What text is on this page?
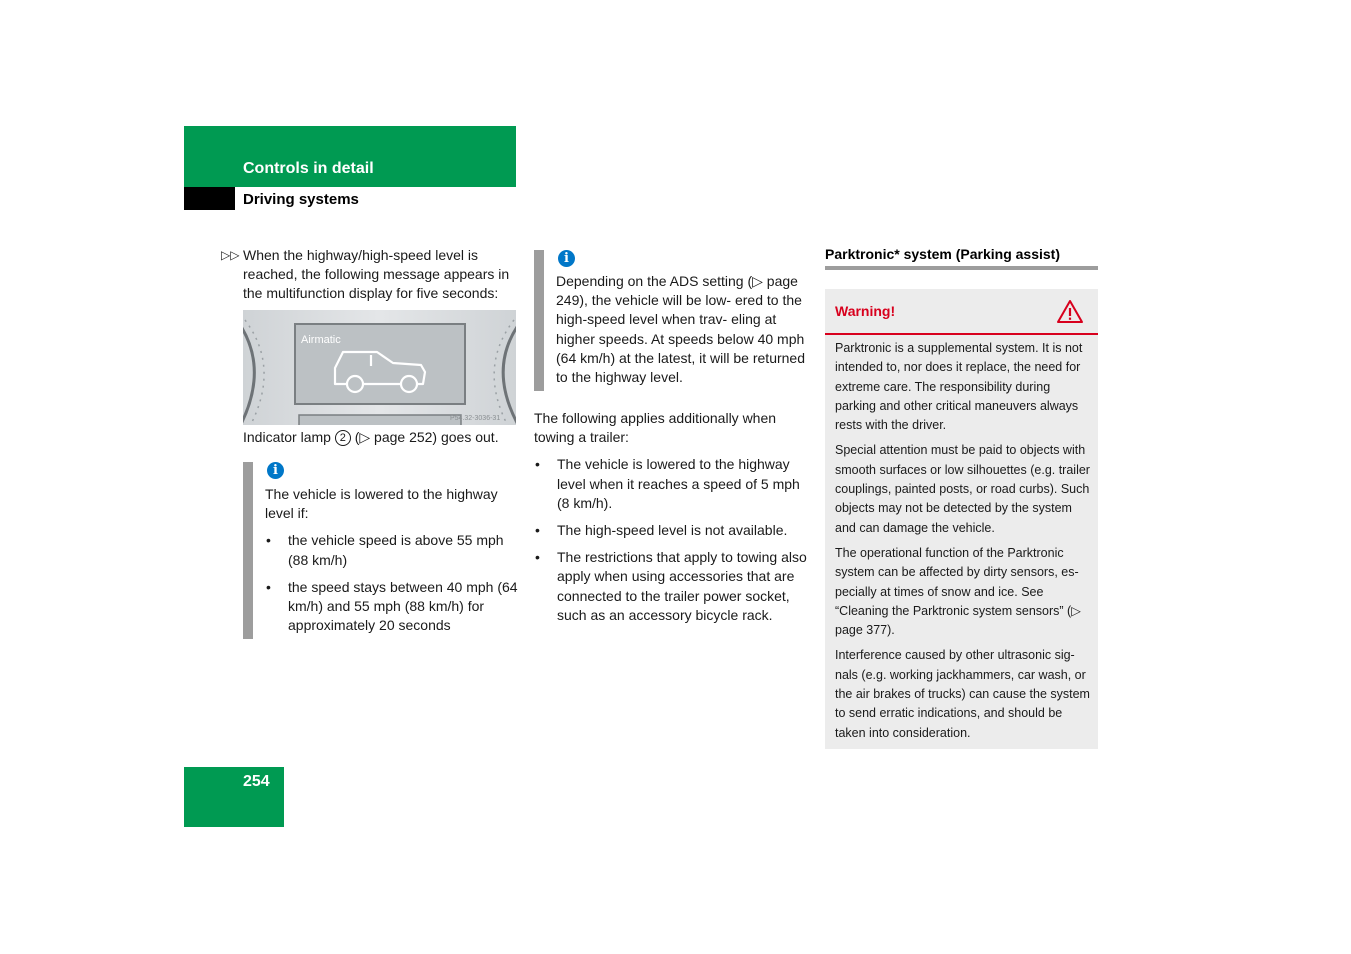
Controls in detail
Driving systems
▷▷ When the highway/high-speed level is reached, the following message appears in the multifunction display for five seconds:

Airmatic
P54.32-3036-31
Indicator lamp 2 (▷ page 252) goes out.
i

The vehicle is lowered to the highway level if:

• the vehicle speed is above 55 mph (88 km/h)
• the speed stays between 40 mph (64 km/h) and 55 mph (88 km/h) for approximately 20 seconds
i
Depending on the ADS setting (▷ page 249), the vehicle will be low- ered to the high-speed level when trav- eling at higher speeds. At speeds below 40 mph (64 km/h) at the latest, it will be returned to the highway level.

The following applies additionally when towing a trailer:

• The vehicle is lowered to the highway level when it reaches a speed of 5 mph (8 km/h).
• The high-speed level is not available.
• The restrictions that apply to towing also apply when using accessories that are connected to the trailer power socket, such as an accessory bicycle rack.
Parktronic* system (Parking assist)
Warning!

Parktronic is a supplemental system. It is not intended to, nor does it replace, the need for extreme care. The responsibility during parking and other critical maneuvers always rests with the driver.

Special attention must be paid to objects with smooth surfaces or low silhouettes (e.g. trailer couplings, painted posts, or road curbs). Such objects may not be detected by the system and can damage the vehicle.

The operational function of the Parktronic system can be affected by dirty sensors, es- pecially at times of snow and ice. See “Cleaning the Parktronic system sensors” (▷ page 377).

Interference caused by other ultrasonic sig- nals (e.g. working jackhammers, car wash, or the air brakes of trucks) can cause the system to send erratic indications, and should be taken into consideration.

254
